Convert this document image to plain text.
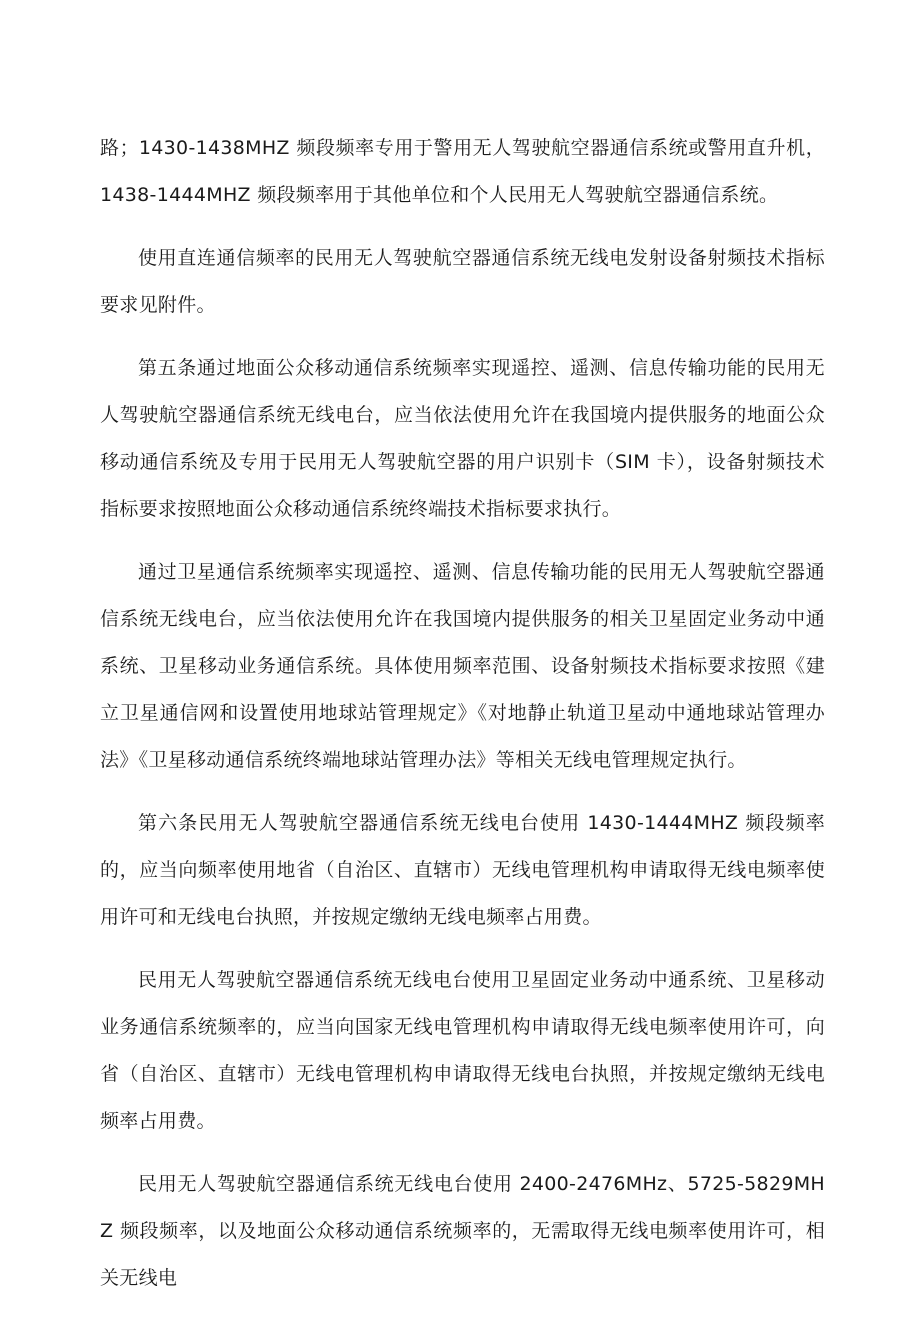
路；1430-1438MHZ 频段频率专用于警用无人驾驶航空器通信系统或警用直升机，1438-1444MHZ 频段频率用于其他单位和个人民用无人驾驶航空器通信系统。

使用直连通信频率的民用无人驾驶航空器通信系统无线电发射设备射频技术指标要求见附件。

第五条通过地面公众移动通信系统频率实现遥控、遥测、信息传输功能的民用无人驾驶航空器通信系统无线电台，应当依法使用允许在我国境内提供服务的地面公众移动通信系统及专用于民用无人驾驶航空器的用户识别卡（SIM 卡），设备射频技术指标要求按照地面公众移动通信系统终端技术指标要求执行。

通过卫星通信系统频率实现遥控、遥测、信息传输功能的民用无人驾驶航空器通信系统无线电台，应当依法使用允许在我国境内提供服务的相关卫星固定业务动中通系统、卫星移动业务通信系统。具体使用频率范围、设备射频技术指标要求按照《建立卫星通信网和设置使用地球站管理规定》《对地静止轨道卫星动中通地球站管理办法》《卫星移动通信系统终端地球站管理办法》等相关无线电管理规定执行。

第六条民用无人驾驶航空器通信系统无线电台使用 1430-1444MHZ 频段频率的，应当向频率使用地省（自治区、直辖市）无线电管理机构申请取得无线电频率使用许可和无线电台执照，并按规定缴纳无线电频率占用费。

民用无人驾驶航空器通信系统无线电台使用卫星固定业务动中通系统、卫星移动业务通信系统频率的，应当向国家无线电管理机构申请取得无线电频率使用许可，向省（自治区、直辖市）无线电管理机构申请取得无线电台执照，并按规定缴纳无线电频率占用费。

民用无人驾驶航空器通信系统无线电台使用 2400-2476MHz、5725-5829MHZ 频段频率，以及地面公众移动通信系统频率的，无需取得无线电频率使用许可，相关无线电
